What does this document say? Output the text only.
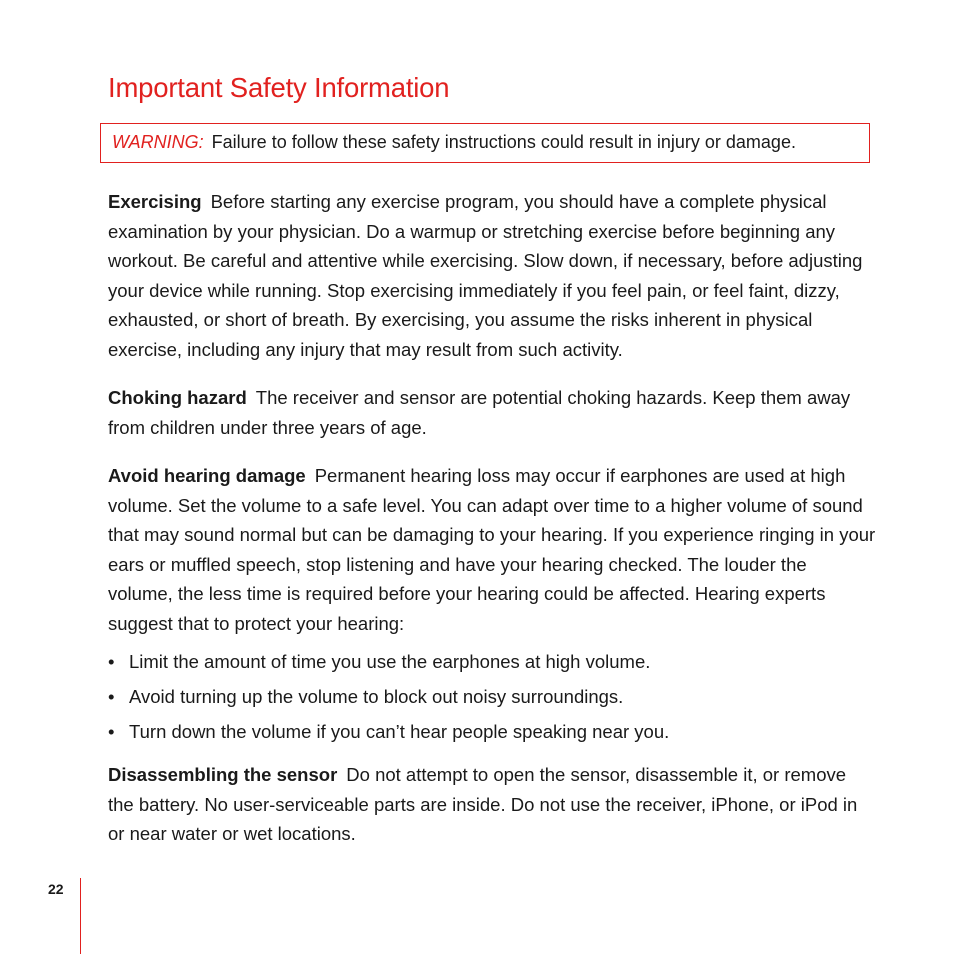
Important Safety Information
WARNING: Failure to follow these safety instructions could result in injury or damage.

Exercising Before starting any exercise program, you should have a complete physical examination by your physician. Do a warmup or stretching exercise before beginning any workout. Be careful and attentive while exercising. Slow down, if necessary, before adjusting your device while running. Stop exercising immediately if you feel pain, or feel faint, dizzy, exhausted, or short of breath. By exercising, you assume the risks inherent in physical exercise, including any injury that may result from such activity.

Choking hazard The receiver and sensor are potential choking hazards. Keep them away from children under three years of age.

Avoid hearing damage Permanent hearing loss may occur if earphones are used at high volume. Set the volume to a safe level. You can adapt over time to a higher volume of sound that may sound normal but can be damaging to your hearing. If you experience ringing in your ears or muffled speech, stop listening and have your hearing checked. The louder the volume, the less time is required before your hearing could be affected. Hearing experts suggest that to protect your hearing:

• Limit the amount of time you use the earphones at high volume.
• Avoid turning up the volume to block out noisy surroundings.
• Turn down the volume if you can’t hear people speaking near you.

Disassembling the sensor Do not attempt to open the sensor, disassemble it, or remove the battery. No user-serviceable parts are inside. Do not use the receiver, iPhone, or iPod in or near water or wet locations.

22
